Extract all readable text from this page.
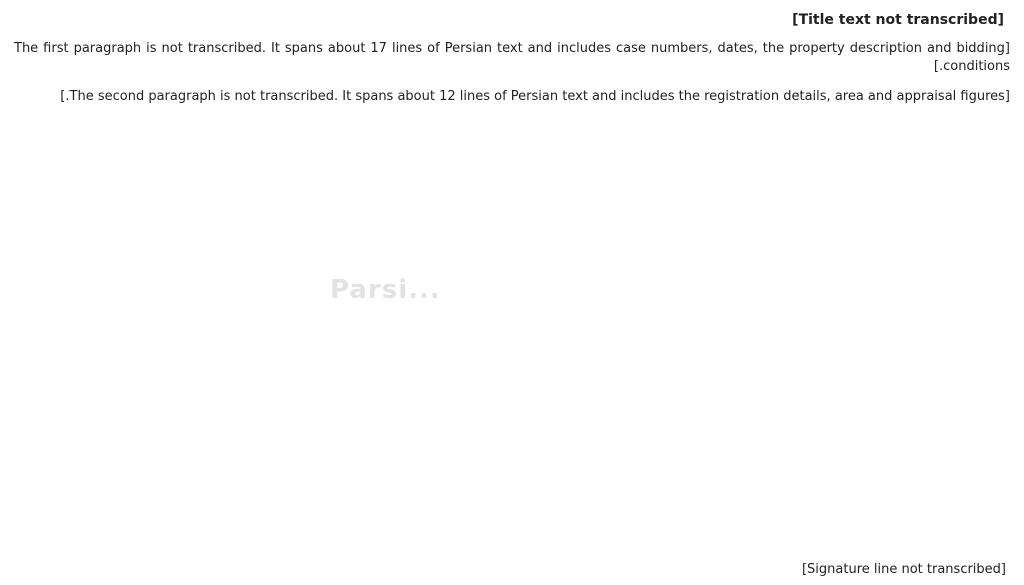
[Title text not transcribed]

[The first paragraph is not transcribed. It spans about 17 lines of Persian text and includes case numbers, dates, the property description and bidding conditions.]

[The second paragraph is not transcribed. It spans about 12 lines of Persian text and includes the registration details, area and appraisal figures.]

[Signature line not transcribed]
Parsi...
